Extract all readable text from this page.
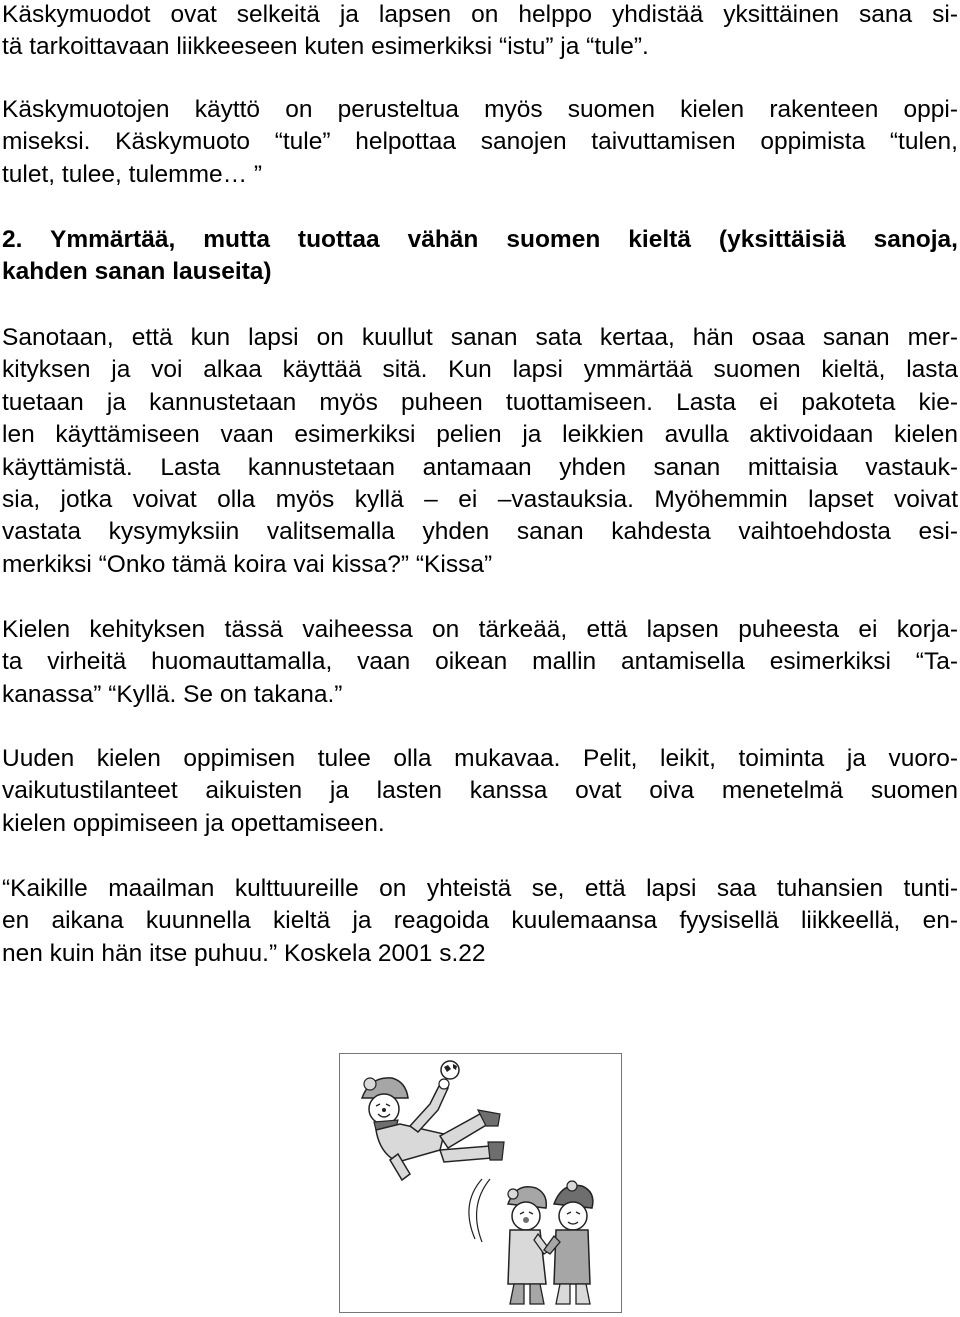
Käskymuodot ovat selkeitä ja lapsen on helppo yhdistää yksittäinen sana si-
tä tarkoittavaan liikkeeseen kuten esimerkiksi “istu” ja “tule”.

Käskymuotojen käyttö on perusteltua myös suomen kielen rakenteen oppi-
miseksi. Käskymuoto “tule” helpottaa sanojen taivuttamisen oppimista “tulen,
tulet, tulee, tulemme… ”

2. Ymmärtää, mutta tuottaa vähän suomen kieltä (yksittäisiä sanoja,
kahden sanan lauseita)

Sanotaan, että kun lapsi on kuullut sanan sata kertaa, hän osaa sanan mer-
kityksen ja voi alkaa käyttää sitä. Kun lapsi ymmärtää suomen kieltä, lasta
tuetaan ja kannustetaan myös puheen tuottamiseen. Lasta ei pakoteta kie-
len käyttämiseen vaan esimerkiksi pelien ja leikkien avulla aktivoidaan kielen
käyttämistä. Lasta kannustetaan antamaan yhden sanan mittaisia vastauk-
sia, jotka voivat olla myös kyllä – ei –vastauksia. Myöhemmin lapset voivat
vastata kysymyksiin valitsemalla yhden sanan kahdesta vaihtoehdosta esi-
merkiksi “Onko tämä koira vai kissa?” “Kissa”

Kielen kehityksen tässä vaiheessa on tärkeää, että lapsen puheesta ei korja-
ta virheitä huomauttamalla, vaan oikean mallin antamisella esimerkiksi “Ta-
kanassa” “Kyllä. Se on takana.”

Uuden kielen oppimisen tulee olla mukavaa. Pelit, leikit, toiminta ja vuoro-
vaikutustilanteet aikuisten ja lasten kanssa ovat oiva menetelmä suomen
kielen oppimiseen ja opettamiseen.

“Kaikille maailman kulttuureille on yhteistä se, että lapsi saa tuhansien tunti-
en aikana kuunnella kieltä ja reagoida kuulemaansa fyysisellä liikkeellä, en-
nen kuin hän itse puhuu.” Koskela 2001 s.22
